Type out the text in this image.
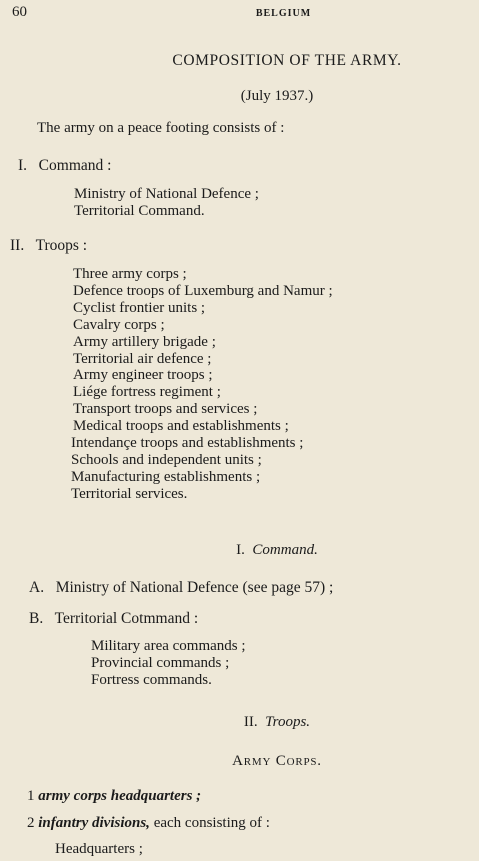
60	BELGIUM
COMPOSITION OF THE ARMY.
(July 1937.)
The army on a peace footing consists of :
I. Command :
Ministry of National Defence ;
Territorial Command.
II. Troops :
Three army corps ;
Defence troops of Luxemburg and Namur ;
Cyclist frontier units ;
Cavalry corps ;
Army artillery brigade ;
Territorial air defence ;
Army engineer troops ;
Liége fortress regiment ;
Transport troops and services ;
Medical troops and establishments ;
Intendançe troops and establishments ;
Schools and independent units ;
Manufacturing establishments ;
Territorial services.
I. Command.
A. Ministry of National Defence (see page 57) ;
B. Territorial Cotmmand :
Military area commands ;
Provincial commands ;
Fortress commands.
II. Troops.
Army Corps.
1 army corps headquarters ;
2 infantry divisions, each consisting of :
Headquarters ;
